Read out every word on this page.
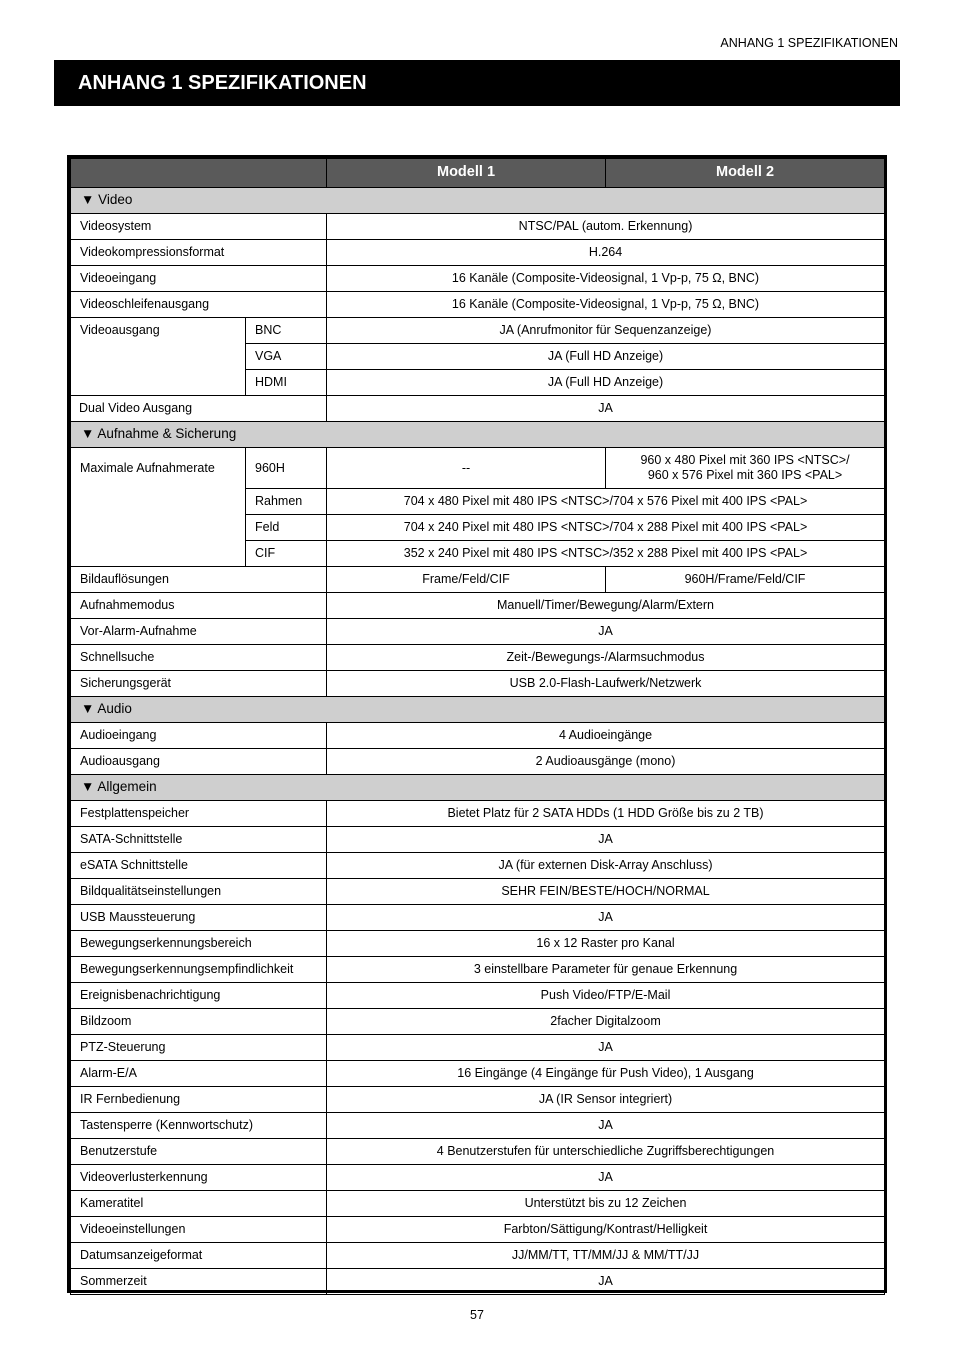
ANHANG 1 SPEZIFIKATIONEN
ANHANG 1 SPEZIFIKATIONEN
		Modell 1	Modell 2
▼ Video			
Videosystem		NTSC/PAL (autom. Erkennung)	
Videokompressionsformat		H.264	
Videoeingang		16 Kanäle (Composite-Videosignal, 1 Vp-p, 75 Ω, BNC)	
Videoschleifenausgang		16 Kanäle (Composite-Videosignal, 1 Vp-p, 75 Ω, BNC)	
Videoausgang	BNC	JA (Anrufmonitor für Sequenzanzeige)	
	VGA	JA (Full HD Anzeige)	
	HDMI	JA (Full HD Anzeige)	
Dual Video Ausgang		JA	
▼ Aufnahme & Sicherung			
Maximale Aufnahmerate	960H	--	960 x 480 Pixel mit 360 IPS <NTSC>/
960 x 576 Pixel mit 360 IPS <PAL>

	Rahmen	704 x 480 Pixel mit 480 IPS <NTSC>/704 x 576 Pixel mit 400 IPS <PAL>	
	Feld	704 x 240 Pixel mit 480 IPS <NTSC>/704 x 288 Pixel mit 400 IPS <PAL>	
	CIF	352 x 240 Pixel mit 480 IPS <NTSC>/352 x 288 Pixel mit 400 IPS <PAL>	
Bildauflösungen		Frame/Feld/CIF	960H/Frame/Feld/CIF
Aufnahmemodus		Manuell/Timer/Bewegung/Alarm/Extern	
Vor-Alarm-Aufnahme		JA	
Schnellsuche		Zeit-/Bewegungs-/Alarmsuchmodus	
Sicherungsgerät		USB 2.0-Flash-Laufwerk/Netzwerk	
▼ Audio			
Audioeingang		4 Audioeingänge	
Audioausgang		2 Audioausgänge (mono)	
▼ Allgemein			
Festplattenspeicher		Bietet Platz für 2 SATA HDDs (1 HDD Größe bis zu 2 TB)	
SATA-Schnittstelle		JA	
eSATA Schnittstelle		JA (für externen Disk-Array Anschluss)	
Bildqualitätseinstellungen		SEHR FEIN/BESTE/HOCH/NORMAL	
USB Maussteuerung		JA	
Bewegungserkennungsbereich		16 x 12 Raster pro Kanal	
Bewegungserkennungsempfindlichkeit		3 einstellbare Parameter für genaue Erkennung	
Ereignisbenachrichtigung		Push Video/FTP/E-Mail	
Bildzoom		2facher Digitalzoom	
PTZ-Steuerung		JA	
Alarm-E/A		16 Eingänge (4 Eingänge für Push Video), 1 Ausgang	
IR Fernbedienung		JA (IR Sensor integriert)	
Tastensperre (Kennwortschutz)		JA	
Benutzerstufe		4 Benutzerstufen für unterschiedliche Zugriffsberechtigungen	
Videoverlusterkennung		JA	
Kameratitel		Unterstützt bis zu 12 Zeichen	
Videoeinstellungen		Farbton/Sättigung/Kontrast/Helligkeit	
Datumsanzeigeformat		JJ/MM/TT, TT/MM/JJ & MM/TT/JJ	
Sommerzeit		JA	
57
